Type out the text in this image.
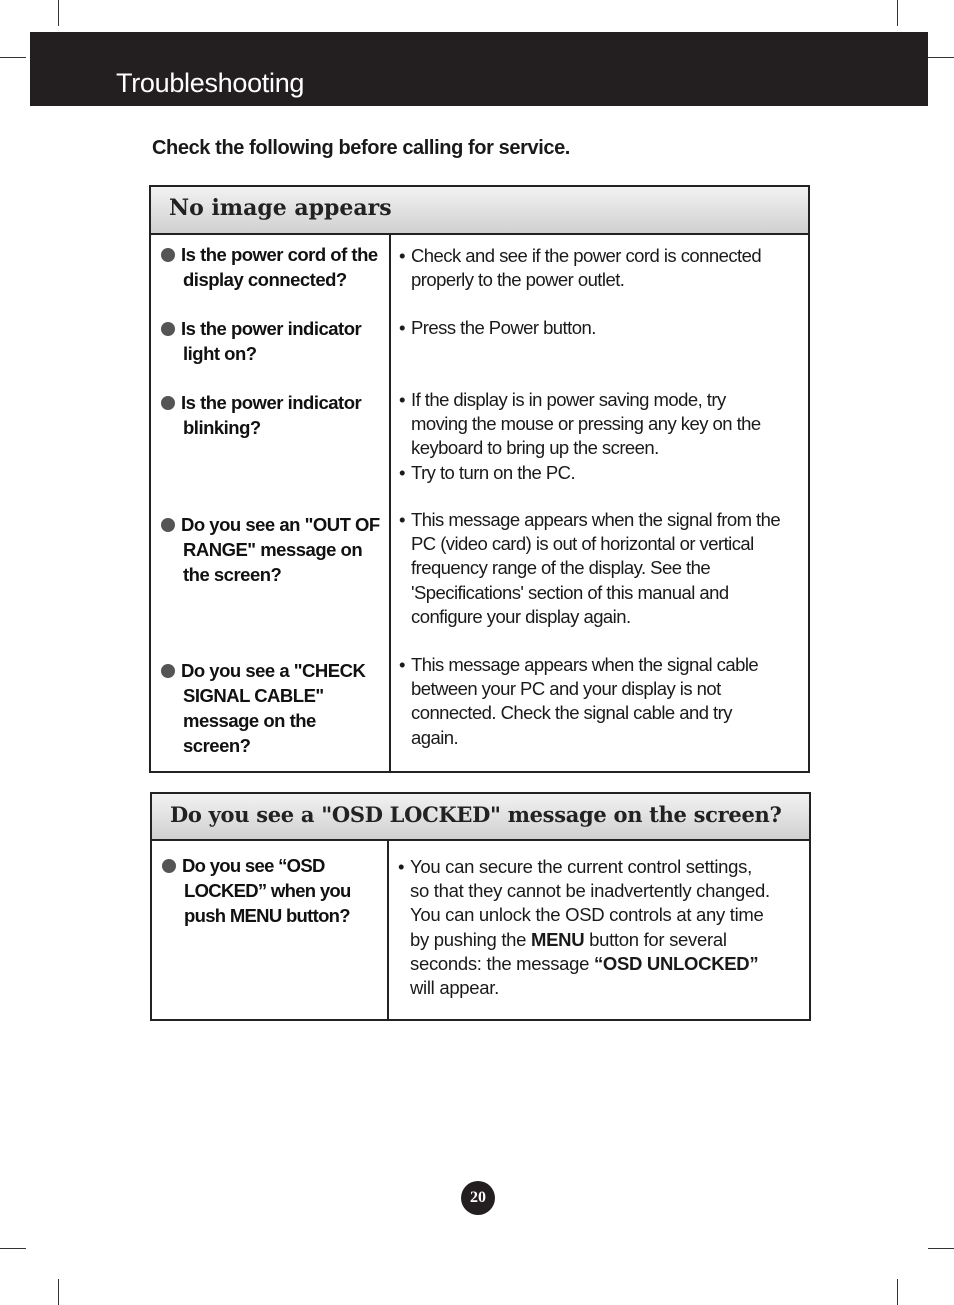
Troubleshooting
Check the following before calling for service.
No image appears
Is the power cord of the
display connected?
• Check and see if the power cord is connected
properly to the power outlet.
Is the power indicator
light on?
• Press the Power button.
Is the power indicator
blinking?
• If the display is in power saving mode, try
moving the mouse or pressing any key on the
keyboard to bring up the screen.
• Try to turn on the PC.
Do you see an "OUT OF
RANGE" message on
the screen?
• This message appears when the signal from the
PC (video card) is out of horizontal or vertical
frequency range of the display. See the
'Specifications' section of this manual and
configure your display again.
Do you see a "CHECK
SIGNAL CABLE"
message on the
screen?
• This message appears when the signal cable
between your PC and your display is not
connected. Check the signal cable and try
again.
Do you see a "OSD LOCKED" message on the screen?
Do you see “OSD
LOCKED” when you
push MENU button?
• You can secure the current control settings,
so that they cannot be inadvertently changed.
You can unlock the OSD controls at any time
by pushing the MENU button for several
seconds: the message “OSD UNLOCKED”
will appear.
20
